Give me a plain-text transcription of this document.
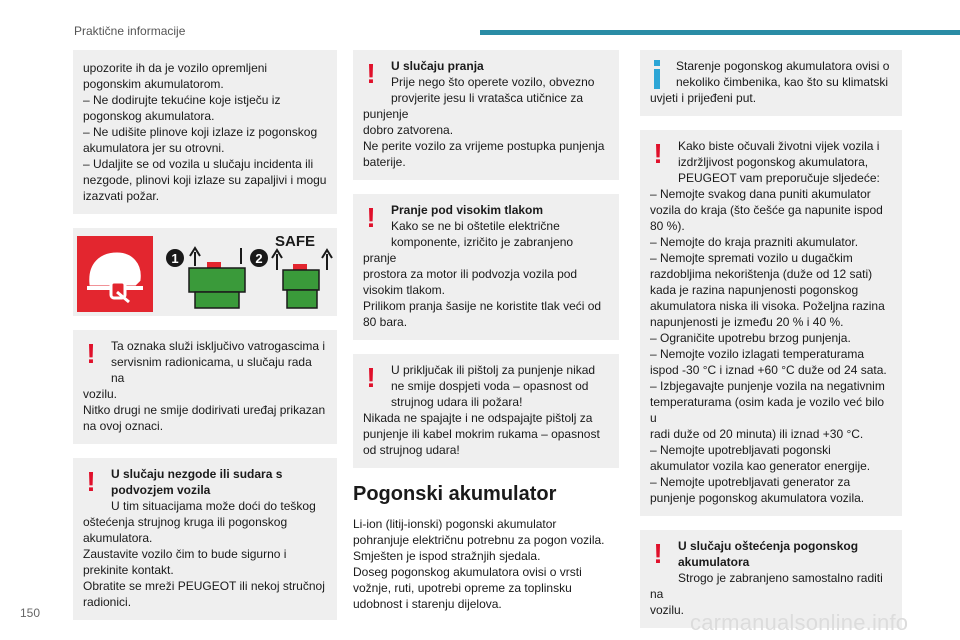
Praktične informacije
upozorite ih da je vozilo opremljeni
pogonskim akumulatorom.
– Ne dodirujte tekućine koje istječu iz
pogonskog akumulatora.
– Ne udišite plinove koji izlaze iz pogonskog
akumulatora jer su otrovni.
– Udaljite se od vozila u slučaju incidenta ili
nezgode, plinovi koji izlaze su zapaljivi i mogu
izazvati požar.
1	2
SAFE
!	Ta oznaka služi isključivo vatrogascima i
servisnim radionicama, u slučaju rada na
vozilu.
Nitko drugi ne smije dodirivati uređaj prikazan
na ovoj oznaci.
!	U slučaju nezgode ili sudara s
podvozjem vozila
U tim situacijama može doći do teškog
oštećenja strujnog kruga ili pogonskog
akumulatora.
Zaustavite vozilo čim to bude sigurno i
prekinite kontakt.
Obratite se mreži PEUGEOT ili nekoj stručnoj
radionici.
!	U slučaju pranja

Prije nego što operete vozilo, obvezno
provjerite jesu li vratašca utičnice za punjenje
dobro zatvorena.
Ne perite vozilo za vrijeme postupka punjenja
baterije.
!	Pranje pod visokim tlakom

Kako se ne bi oštetile električne
komponente, izričito je zabranjeno pranje
prostora za motor ili podvozja vozila pod
visokim tlakom.
Prilikom pranja šasije ne koristite tlak veći od
80 bara.
!	U priključak ili pištolj za punjenje nikad
ne smije dospjeti voda – opasnost od
strujnog udara ili požara!
Nikada ne spajajte i ne odspajajte pištolj za
punjenje ili kabel mokrim rukama – opasnost
od strujnog udara!
Pogonski akumulator
Li-ion (litij-ionski) pogonski akumulator
pohranjuje električnu potrebnu za pogon vozila.
Smješten je ispod stražnjih sjedala.
Doseg pogonskog akumulatora ovisi o vrsti
vožnje, ruti, upotrebi opreme za toplinsku
udobnost i starenju dijelova.
Starenje pogonskog akumulatora ovisi o
nekoliko čimbenika, kao što su klimatski
uvjeti i prijeđeni put.
!	Kako biste očuvali životni vijek vozila i
izdržljivost pogonskog akumulatora,
PEUGEOT vam preporučuje sljedeće:
– Nemojte svakog dana puniti akumulator
vozila do kraja (što češće ga napunite ispod
80 %).
– Nemojte do kraja prazniti akumulator.
– Nemojte spremati vozilo u dugačkim
razdobljima nekorištenja (duže od 12 sati)
kada je razina napunjenosti pogonskog
akumulatora niska ili visoka. Poželjna razina
napunjenosti je između 20 % i 40 %.
– Ograničite upotrebu brzog punjenja.
– Nemojte vozilo izlagati temperaturama
ispod -30 °C i iznad +60 °C duže od 24 sata.
– Izbjegavajte punjenje vozila na negativnim
temperaturama (osim kada je vozilo već bilo u
radi duže od 20 minuta) ili iznad +30 °C.
– Nemojte upotrebljavati pogonski
akumulator vozila kao generator energije.
– Nemojte upotrebljavati generator za
punjenje pogonskog akumulatora vozila.
!	U slučaju oštećenja pogonskog
akumulatora
Strogo je zabranjeno samostalno raditi na
vozilu.
150	carmanualsonline.info
